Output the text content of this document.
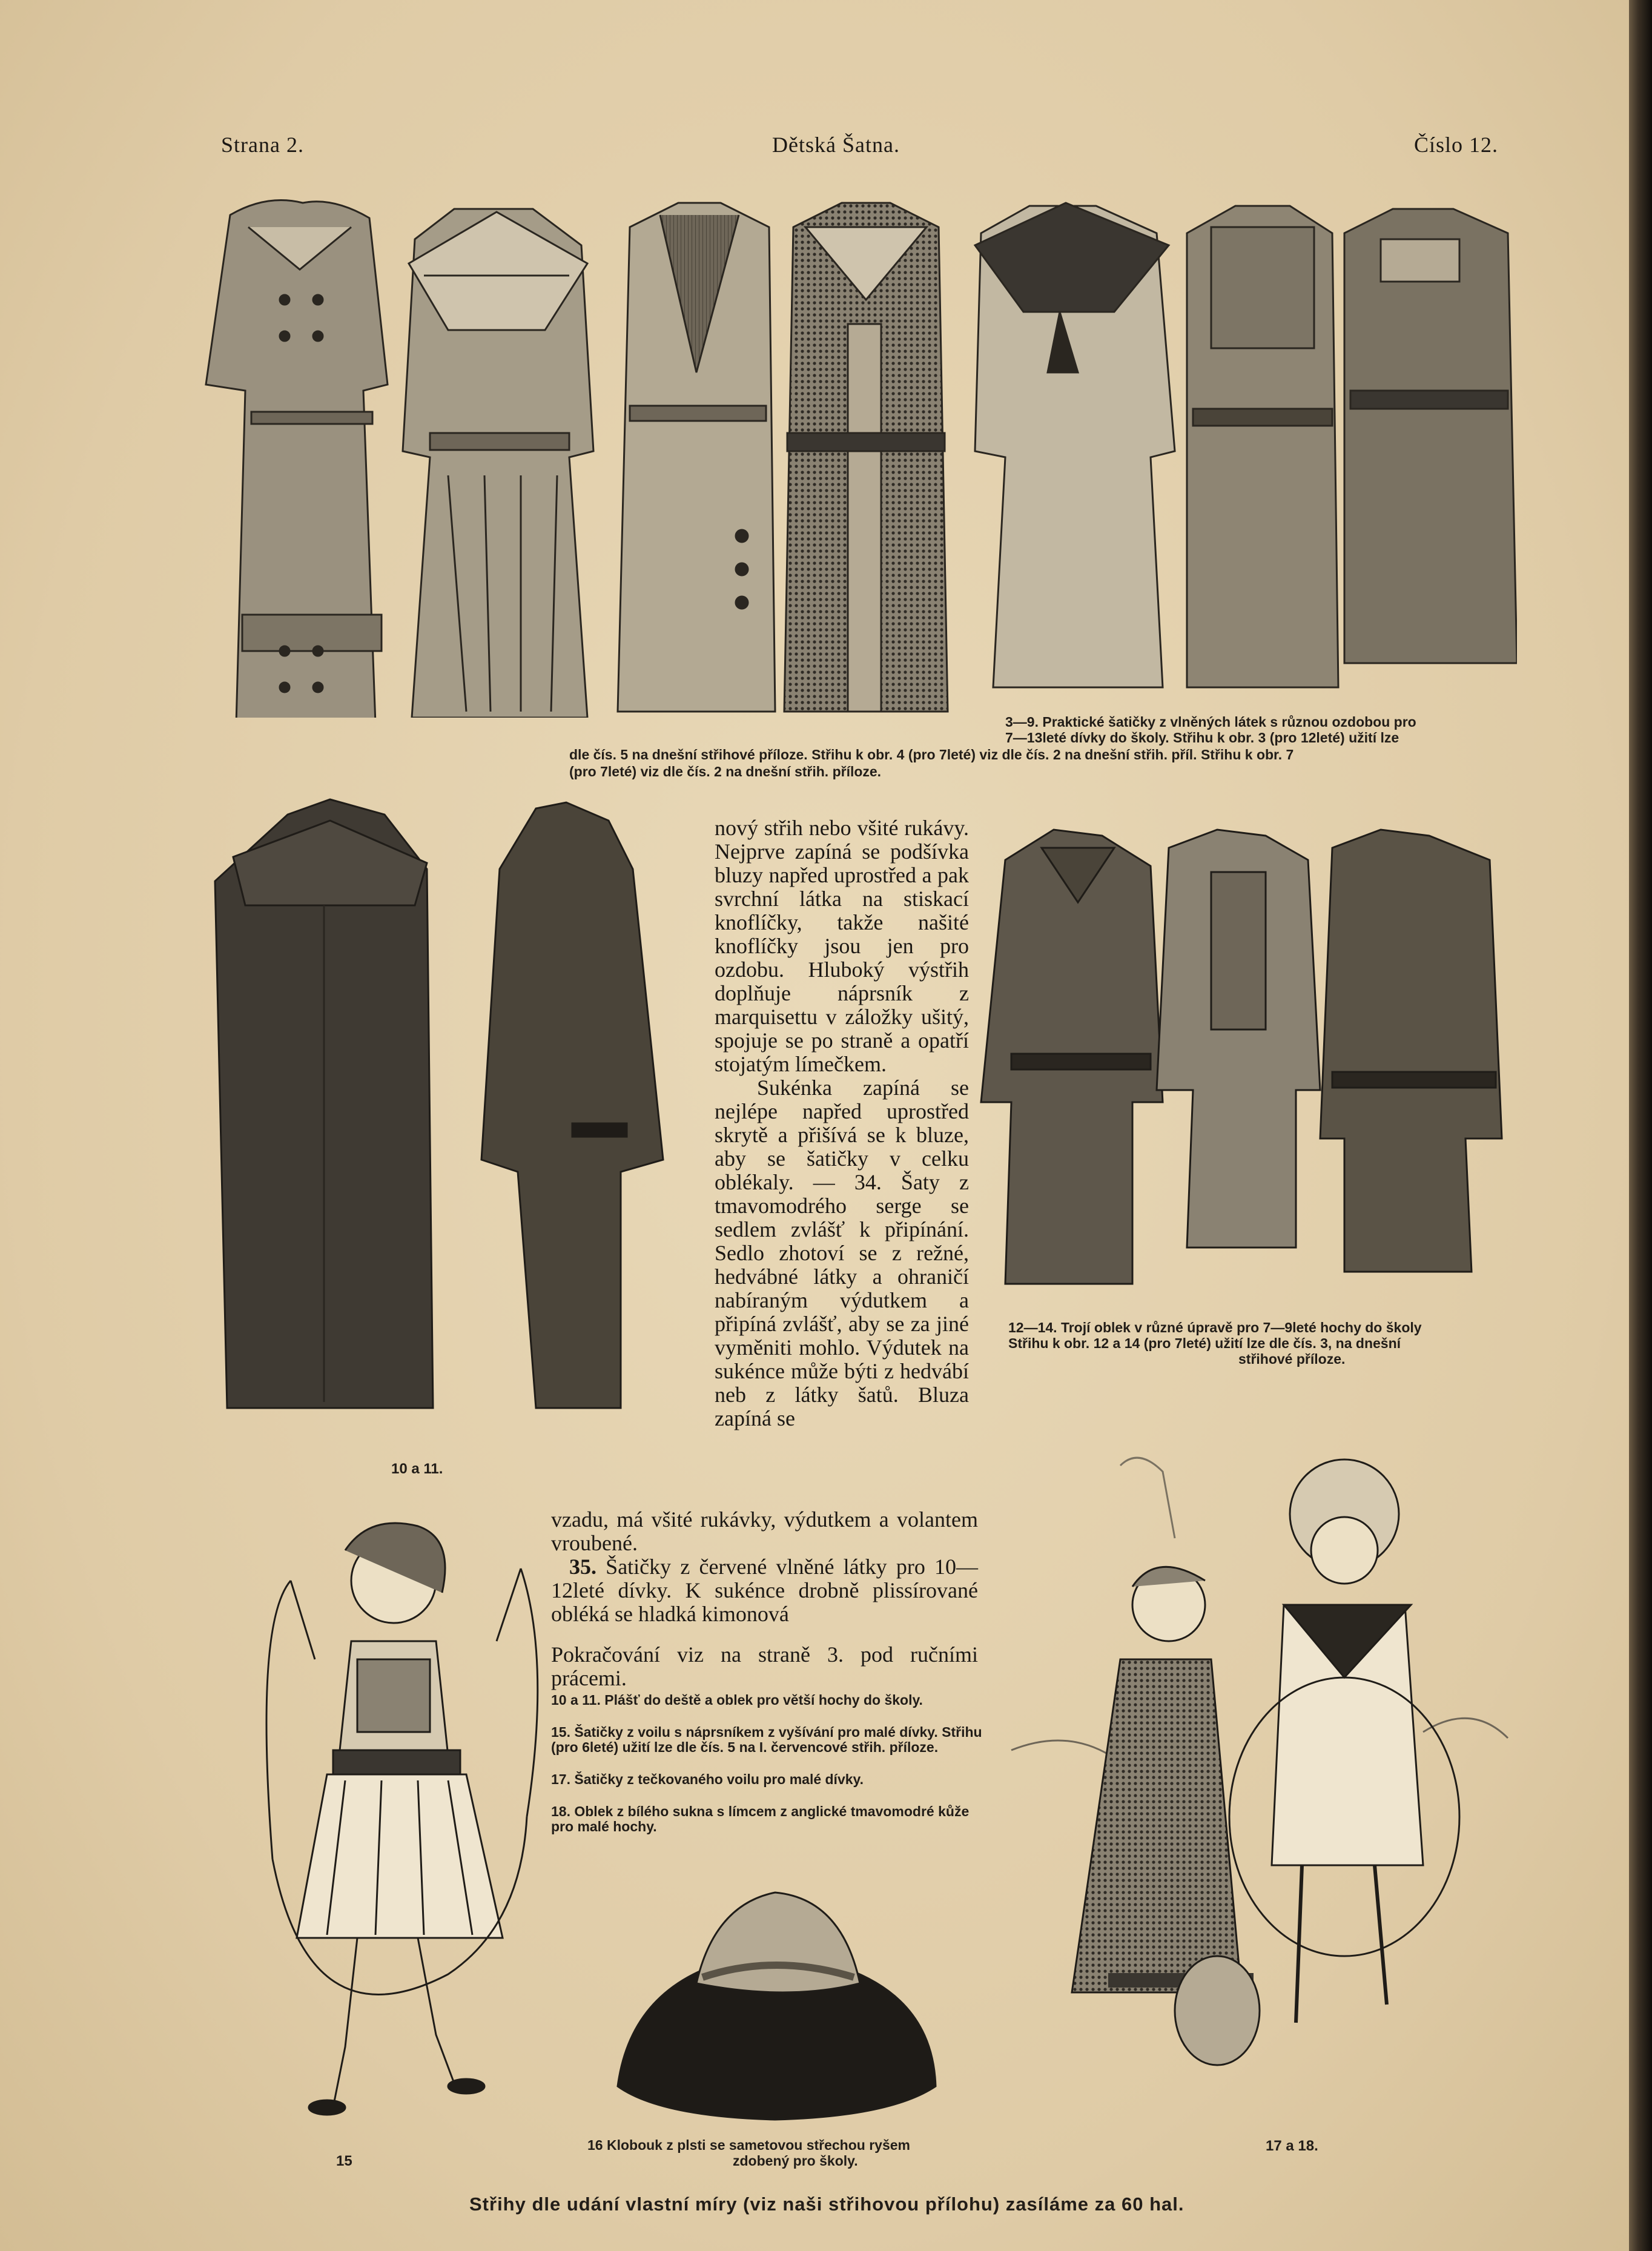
Strana 2.	Dětská Šatna.	Číslo 12.
3—9. Praktické šatičky z vlněných látek s různou ozdobou pro
7—13leté dívky do školy. Střihu k obr. 3 (pro 12leté) užití lze
dle čís. 5 na dnešní střihové příloze. Střihu k obr. 4 (pro 7leté) viz dle čís. 2 na dnešní střih. příl. Střihu k obr. 7
(pro 7leté) viz dle čís. 2 na dnešní střih. příloze.
10 a 11.

nový střih nebo všité rukávy. Nejprve zapíná se podšívka bluzy napřed uprostřed a pak svrchní látka na stiskací knoflíčky, takže našité knoflíčky jsou jen pro ozdobu. Hluboký výstřih doplňuje náprsník z marquisettu v záložky ušitý, spojuje se po straně a opatří stojatým límečkem.

Sukénka zapíná se nejlépe napřed uprostřed skrytě a přišívá se k bluze, aby se šatičky v celku oblékaly. — 34. Šaty z tmavomodrého serge se sedlem zvlášť k připínání. Sedlo zhotoví se z režné, hedvábné látky a ohraničí nabíraným výdutkem a připíná zvlášť, aby se za jiné vyměniti mohlo. Výdutek na sukénce může býti z hedvábí neb z látky šatů. Bluza zapíná se

vzadu, má všité rukávky, výdutkem a volantem vroubené.

35. Šatičky z červené vlněné látky pro 10—12leté dívky. K sukénce drobně plissírované obléká se hladká kimonová

Pokračování viz na straně 3. pod ručními prácemi.

12—14. Trojí oblek v různé úpravě pro 7—9leté hochy do školy
Střihu k obr. 12 a 14 (pro 7leté) užití lze dle čís. 3, na dnešní
střihové příloze.
15
10 a 11. Plášť do deště a oblek pro větší hochy do školy.
15. Šatičky z voilu s náprsníkem z vyšívání pro malé dívky. Střihu (pro 6leté) užití lze dle čís. 5 na I. červencové střih. příloze.
17. Šatičky z tečkovaného voilu pro malé dívky.
18. Oblek z bílého sukna s límcem z anglické tmavomodré kůže pro malé hochy.
16 Klobouk z plsti se sametovou střechou ryšem
zdobený pro školy.
17 a 18.
Střihy dle udání vlastní míry (viz naši střihovou přílohu) zasíláme za 60 hal.
